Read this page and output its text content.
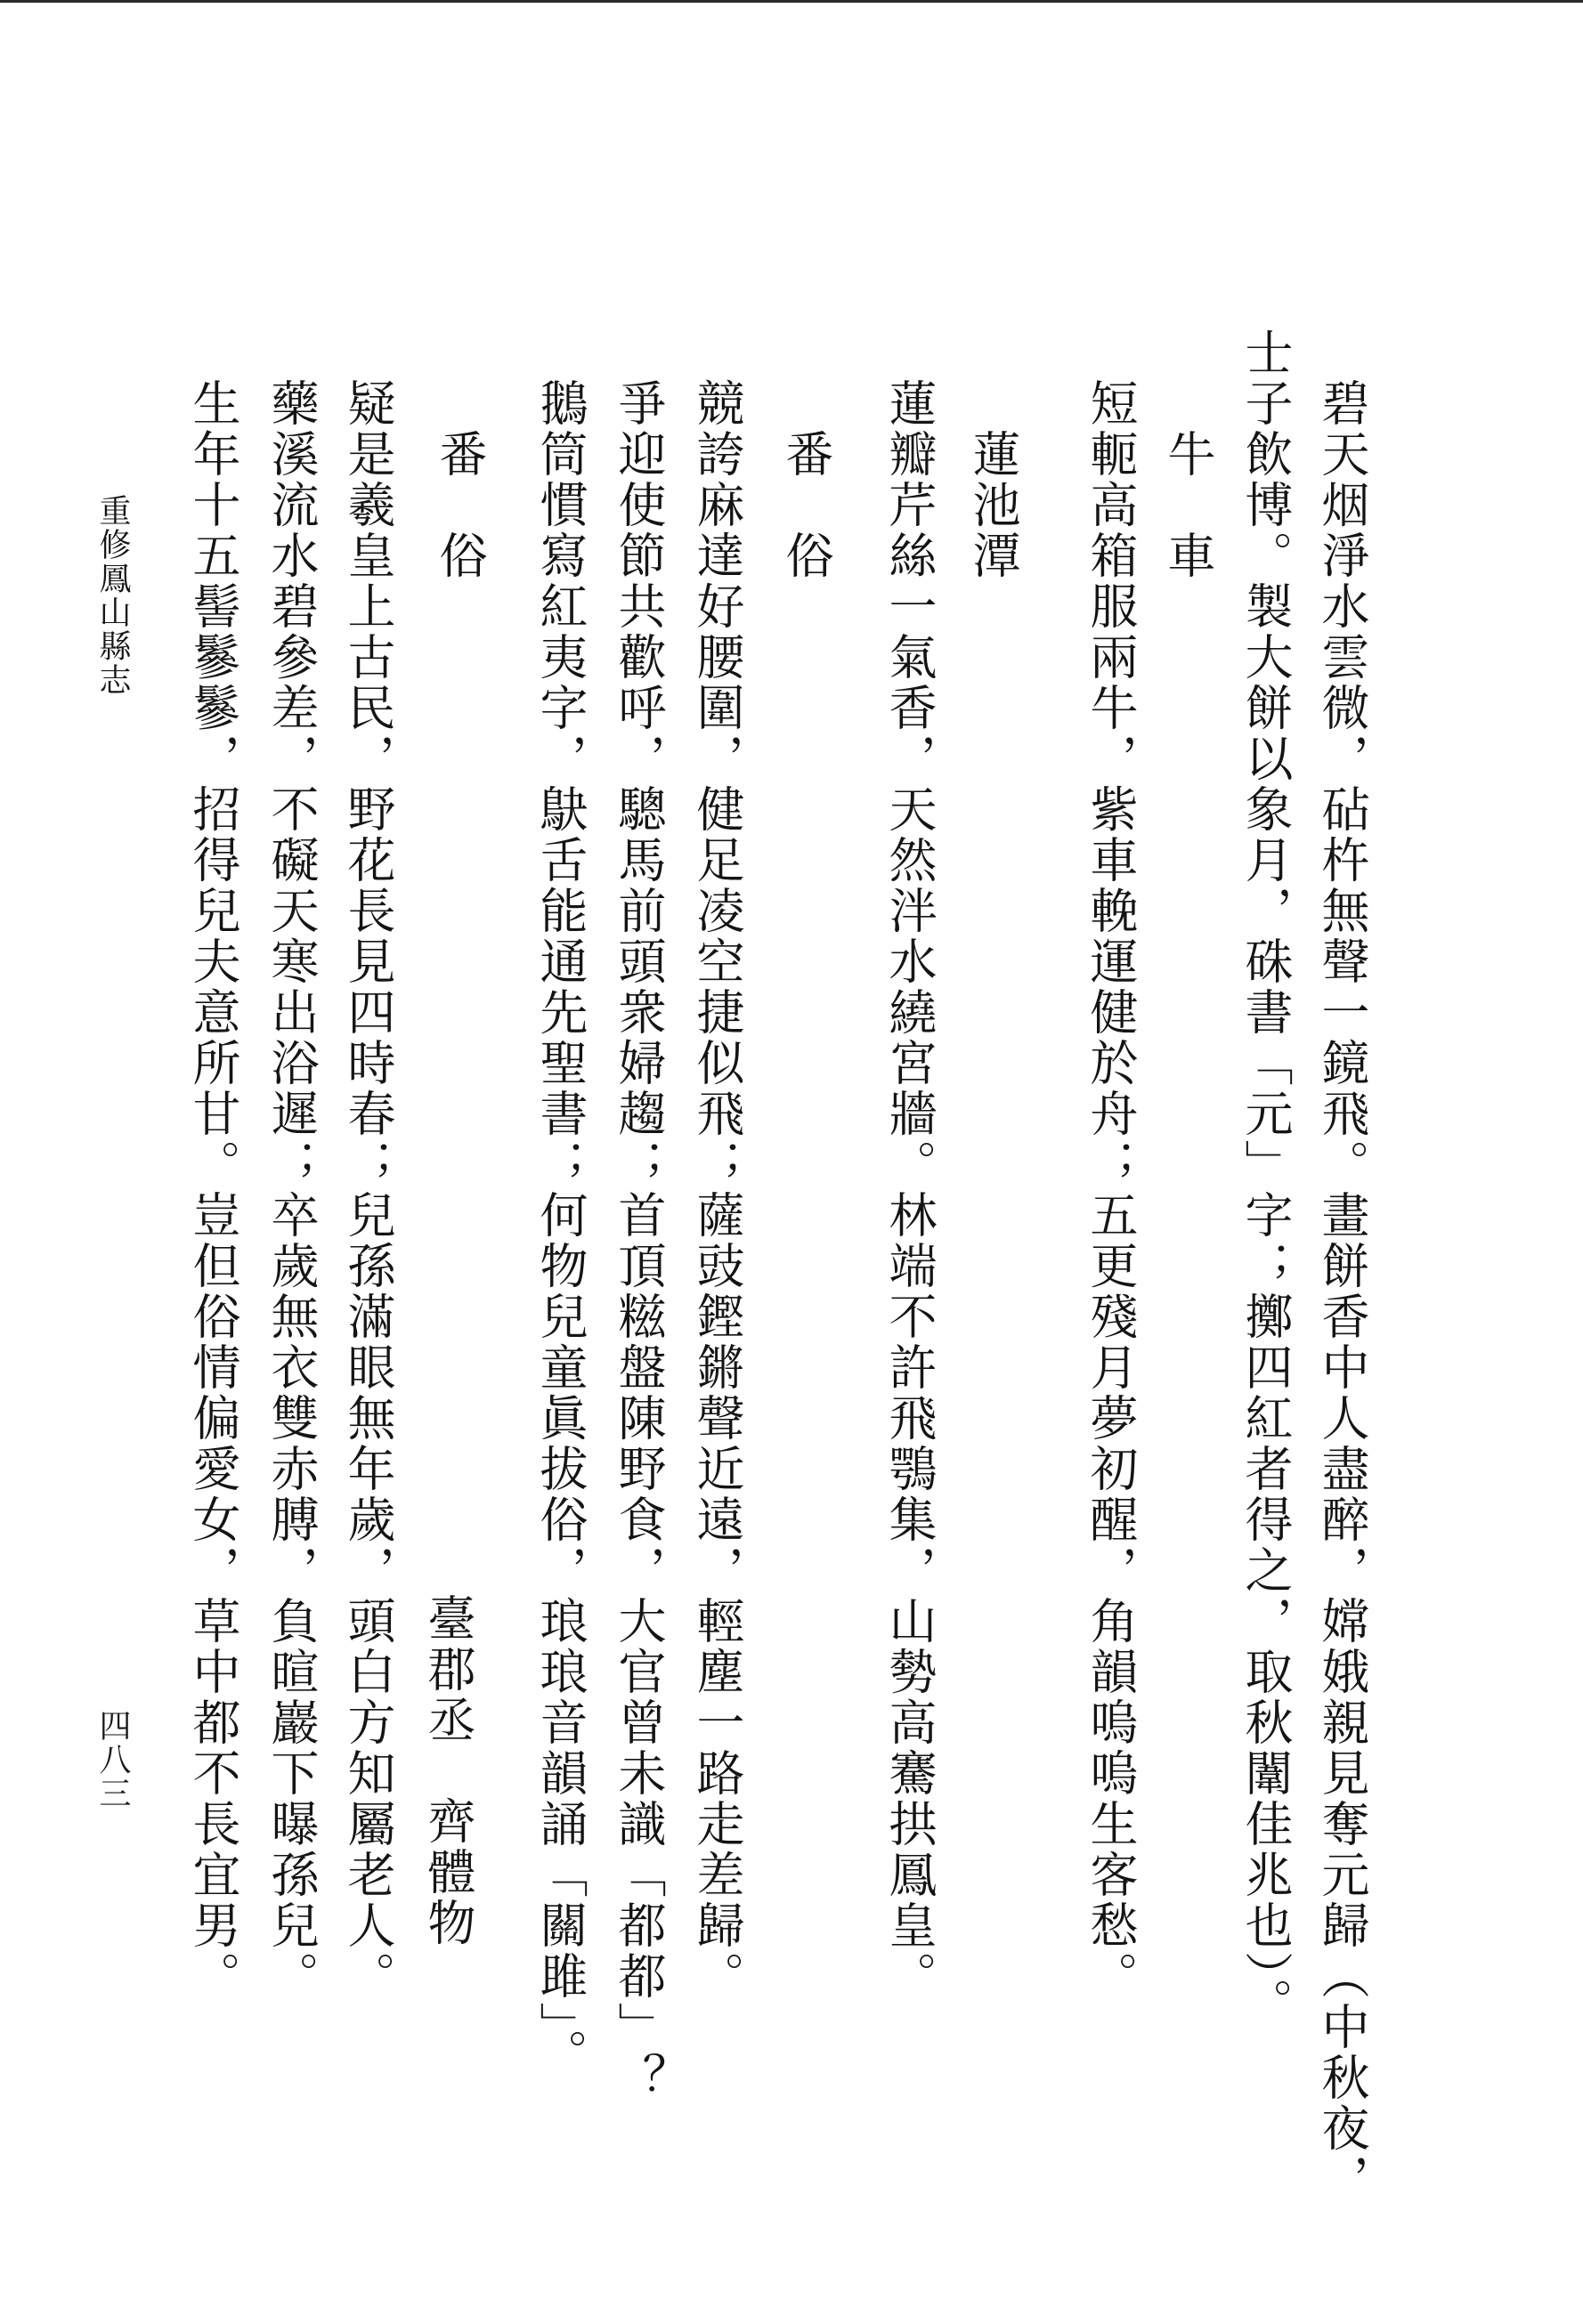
碧天烟淨水雲微，砧杵無聲一鏡飛。畫餅香中人盡醉，嫦娥親見奪元歸（中秋夜，
士子飲博。製大餅以象月，硃書「元」字；擲四紅者得之，取秋闈佳兆也）。
牛　車
短軛高箱服兩牛，紫車輓運健於舟；五更殘月夢初醒，角韻嗚嗚生客愁。
蓮池潭
蓮瓣芹絲一氣香，天然泮水繞宮牆。林端不許飛鶚集，山勢高騫拱鳳皇。
番　俗
競誇麻達好腰圍，健足凌空捷似飛；薩豉鏗鏘聲近遠，輕塵一路走差歸。
爭迎使節共歡呼，驄馬前頭衆婦趨；首頂糍盤陳野食，大官曾未識「都都」？
鵝筒慣寫紅夷字，鴃舌能通先聖書；何物兒童眞拔俗，琅琅音韻誦「關雎」。
番　俗
臺郡丞　齊體物
疑是羲皇上古民，野花長見四時春；兒孫滿眼無年歲，頭白方知屬老人。
藥溪流水碧參差，不礙天寒出浴遲；卒歲無衣雙赤膊，負暄巖下曝孫兒。
生年十五髻鬖鬖，招得兒夫意所甘。豈但俗情偏愛女，草中都不長宜男。
重修鳳山縣志
四八三
